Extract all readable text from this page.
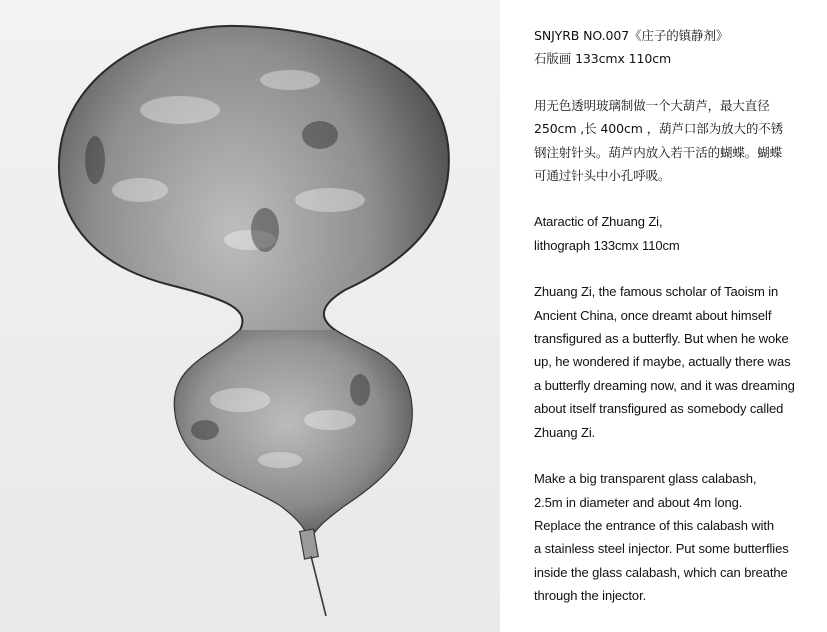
SNJYRB NO.007《庄子的镇静剂》
石版画 133cmx 110cm
用无色透明玻璃制做一个大葫芦，最大直径
250cm ,长 400cm ，葫芦口部为放大的不锈
钢注射针头。葫芦内放入若干活的蝴蝶。蝴蝶
可通过针头中小孔呼吸。
Ataractic of Zhuang Zi,
lithograph 133cmx 110cm
Zhuang Zi, the famous scholar of Taoism in
Ancient China, once dreamt about himself
transfigured as a butterfly. But when he woke
up, he wondered if maybe, actually there was
a butterfly dreaming now, and it was dreaming
about itself transfigured as somebody called
Zhuang Zi.
Make a big transparent glass calabash,
2.5m in diameter and about 4m long.
Replace the entrance of this calabash with
a stainless steel injector. Put some butterflies
inside the glass calabash, which can breathe
through the injector.
